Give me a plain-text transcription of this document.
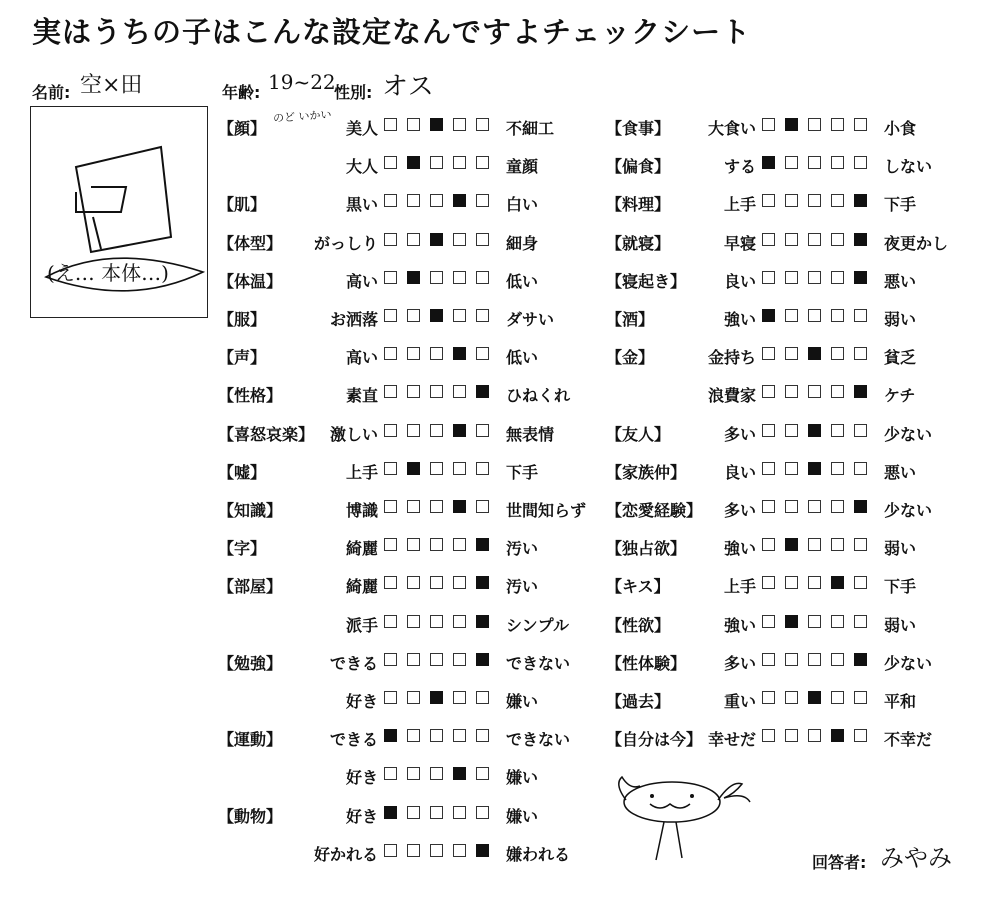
実はうちの子はこんな設定なんですよチェックシート
名前: 空×田	年齢: 19~22
性別: オス
のど いかい
(え… 本体…)
【顔】	美人	不細工
大人	童顔
【肌】	黒い	白い
【体型】	がっしり	細身
【体温】	高い	低い
【服】	お洒落	ダサい
【声】	高い	低い
【性格】	素直	ひねくれ
【喜怒哀楽】 激しい	無表情
【嘘】	上手	下手
【知識】	博識	世間知らず
【字】	綺麗	汚い
【部屋】	綺麗	汚い
派手	シンプル
【勉強】	できる	できない
好き	嫌い
【運動】	できる	できない
好き	嫌い
【動物】	好き	嫌い
好かれる	嫌われる
【食事】	大食い	小食
【偏食】	する	しない
【料理】	上手	下手
【就寝】	早寝	夜更かし
【寝起き】	良い	悪い
【酒】	強い	弱い
【金】	金持ち	貧乏
浪費家	ケチ
【友人】	多い	少ない
【家族仲】	良い	悪い
【恋愛経験】	多い	少ない
【独占欲】	強い	弱い
【キス】	上手	下手
【性欲】	強い	弱い
【性体験】	多い	少ない
【過去】	重い	平和
【自分は今】 幸せだ	不幸だ
回答者: みやみ
